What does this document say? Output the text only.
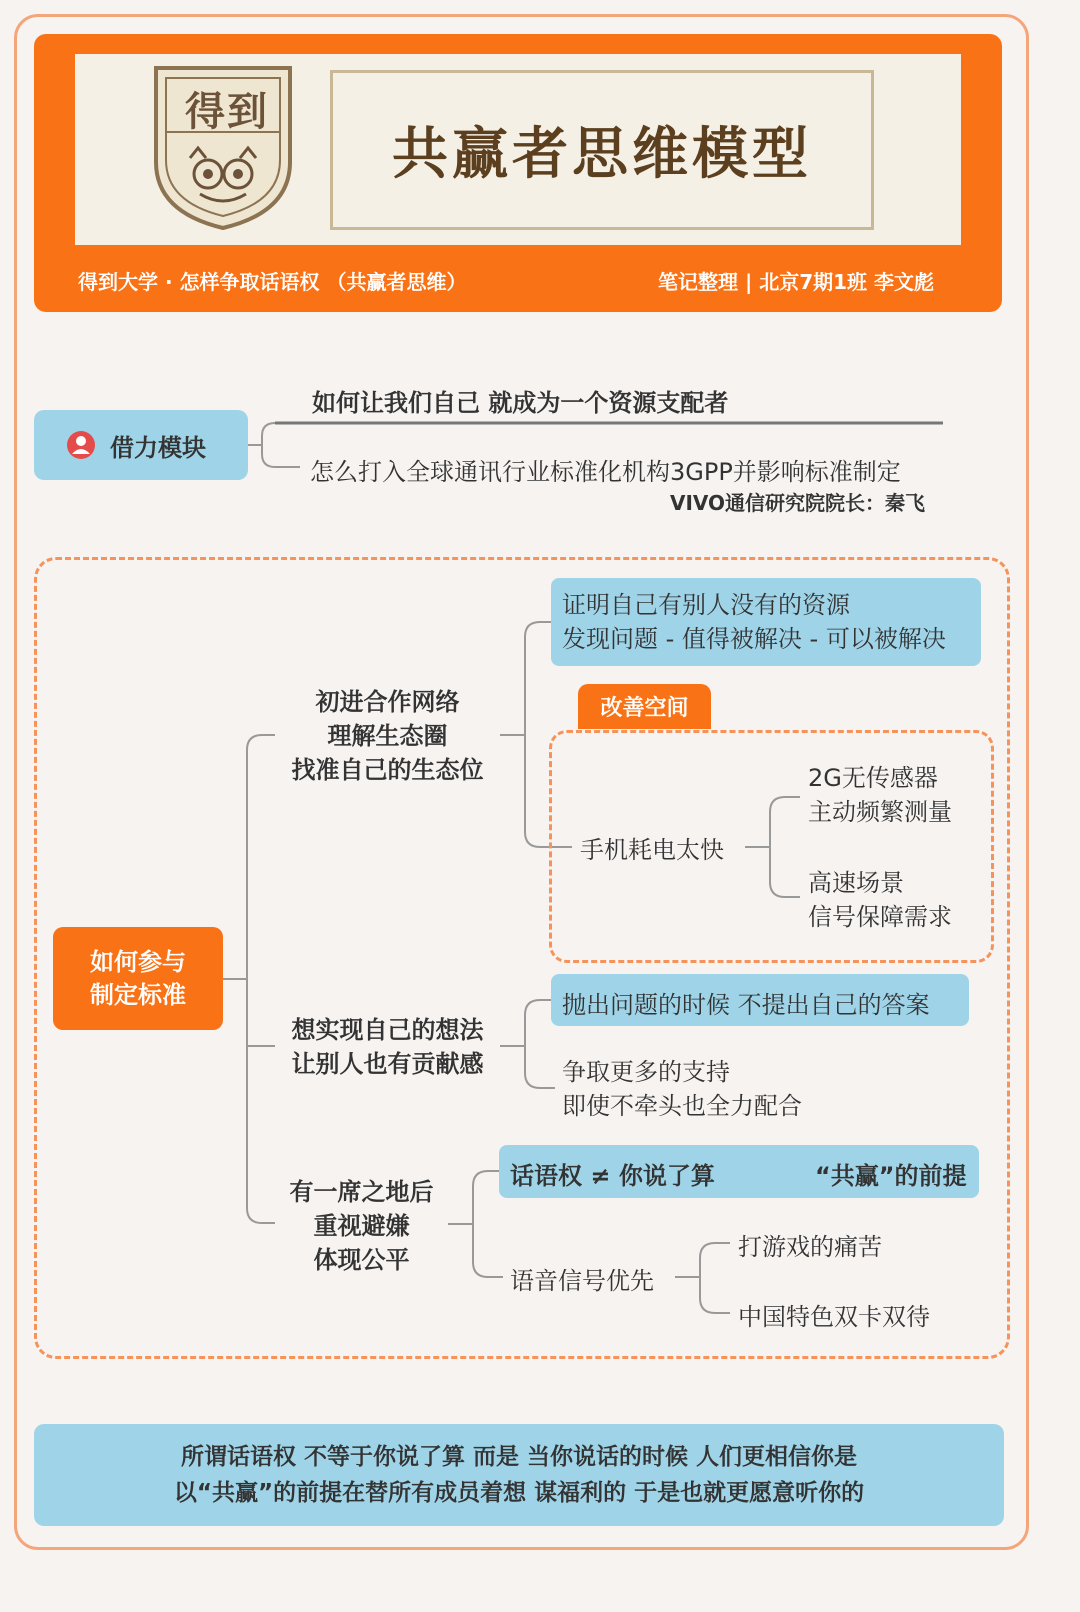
得到
共赢者思维模型
得到大学 · 怎样争取话语权 （共赢者思维）	笔记整理 | 北京7期1班 李文彪
借力模块
如何让我们自己 就成为一个资源支配者
怎么打入全球通讯行业标准化机构3GPP并影响标准制定
VIVO通信研究院院长：秦飞
如何参与
制定标准
初进合作网络
理解生态圈
找准自己的生态位
证明自己有别人没有的资源
发现问题 - 值得被解决 - 可以被解决
改善空间
手机耗电太快
2G无传感器
主动频繁测量
高速场景
信号保障需求
想实现自己的想法
让别人也有贡献感
抛出问题的时候 不提出自己的答案
争取更多的支持
即使不牵头也全力配合
有一席之地后
重视避嫌
体现公平
话语权 ≠ 你说了算	“共赢”的前提
语音信号优先
打游戏的痛苦
中国特色双卡双待
所谓话语权 不等于你说了算 而是 当你说话的时候 人们更相信你是
以“共赢”的前提在替所有成员着想 谋福利的 于是也就更愿意听你的
